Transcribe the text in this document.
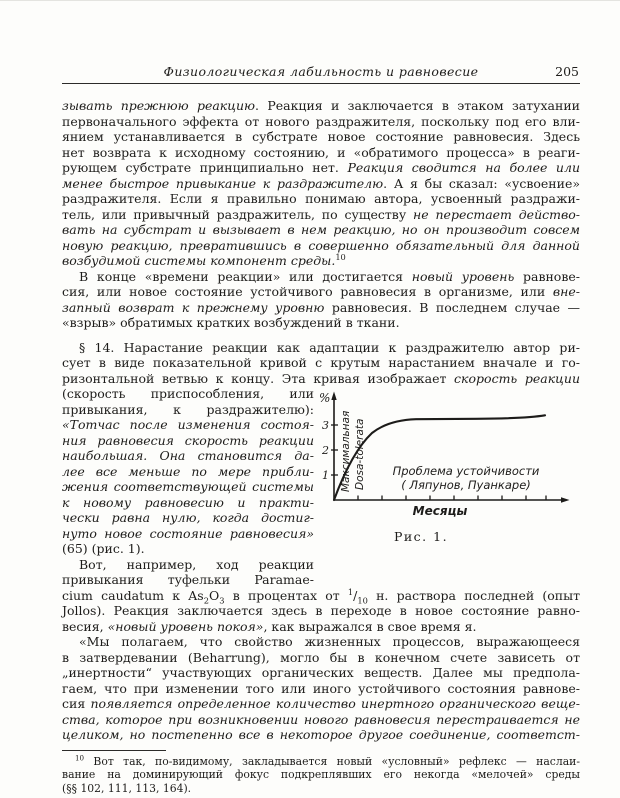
Физиологическая лабильность и равновесие	205
зывать прежнюю реакцию. Реакция и заключается в этаком затухании
первоначального эффекта от нового раздражителя, поскольку под его вли-
янием устанавливается в субстрате новое состояние равновесия. Здесь
нет возврата к исходному состоянию, и «обратимого процесса» в реаги-
рующем субстрате принципиально нет. Реакция сводится на более или
менее быстрое привыкание к раздражителю. А я бы сказал: «усвоение»
раздражителя. Если я правильно понимаю автора, усвоенный раздражи-
тель, или привычный раздражитель, по существу не перестает действо-
вать на субстрат и вызывает в нем реакцию, но он производит совсем
новую реакцию, превратившись в совершенно обязательный для данной
возбудимой системы компонент среды.$^{10}$
В конце «времени реакции» или достигается новый уровень равнове-
сия, или новое состояние устойчивого равновесия в организме, или вне-
запный возврат к прежнему уровню равновесия. В последнем случае —
«взрыв» обратимых кратких возбуждений в ткани.
§ 14. Нарастание реакции как адаптации к раздражителю автор ри-
сует в виде показательной кривой с крутым нарастанием вначале и го-
ризонтальной ветвью к концу. Эта кривая изображает скорость реакции
(скорость приспособления, или
привыкания, к раздражителю):
«Тотчас после изменения состоя-
ния равновесия скорость реакции
наибольшая. Она становится да-
лее все меньше по мере прибли-
жения соответствующей системы
к новому равновесию и практи-
чески равна нулю, когда достиг-
нуто новое состояние равновесия»
(65) (рис. 1).
Вот, например, ход реакции
привыкания туфельки Paramae-
1
2
3
%
Максимальная Dosa-tolerata Проблема устойчивости
( Ляпунов, Пуанкаре)
Месяцы
Рис. 1.
cium caudatum к $As_2O_3$ в процентах от $^1/_{10}$ н. раствора последней (опыт
Jollos). Реакция заключается здесь в переходе в новое состояние равно-
весия, «новый уровень покоя», как выражался в свое время я.
«Мы полагаем, что свойство жизненных процессов, выражающееся
в затвердевании (Beharrung), могло бы в конечном счете зависеть от
„инертности“ участвующих органических веществ. Далее мы предпола-
гаем, что при изменении того или иного устойчивого состояния равнове-
сия появляется определенное количество инертного органического веще-
ства, которое при возникновении нового равновесия перестраивается не
целиком, но постепенно все в некоторое другое соединение, соответст-
$^{10}$ Вот так, по-видимому, закладывается новый «условный» рефлекс — наслаи-
вание на доминирующий фокус подкреплявших его некогда «мелочей» среды
(§§ 102, 111, 113, 164).
